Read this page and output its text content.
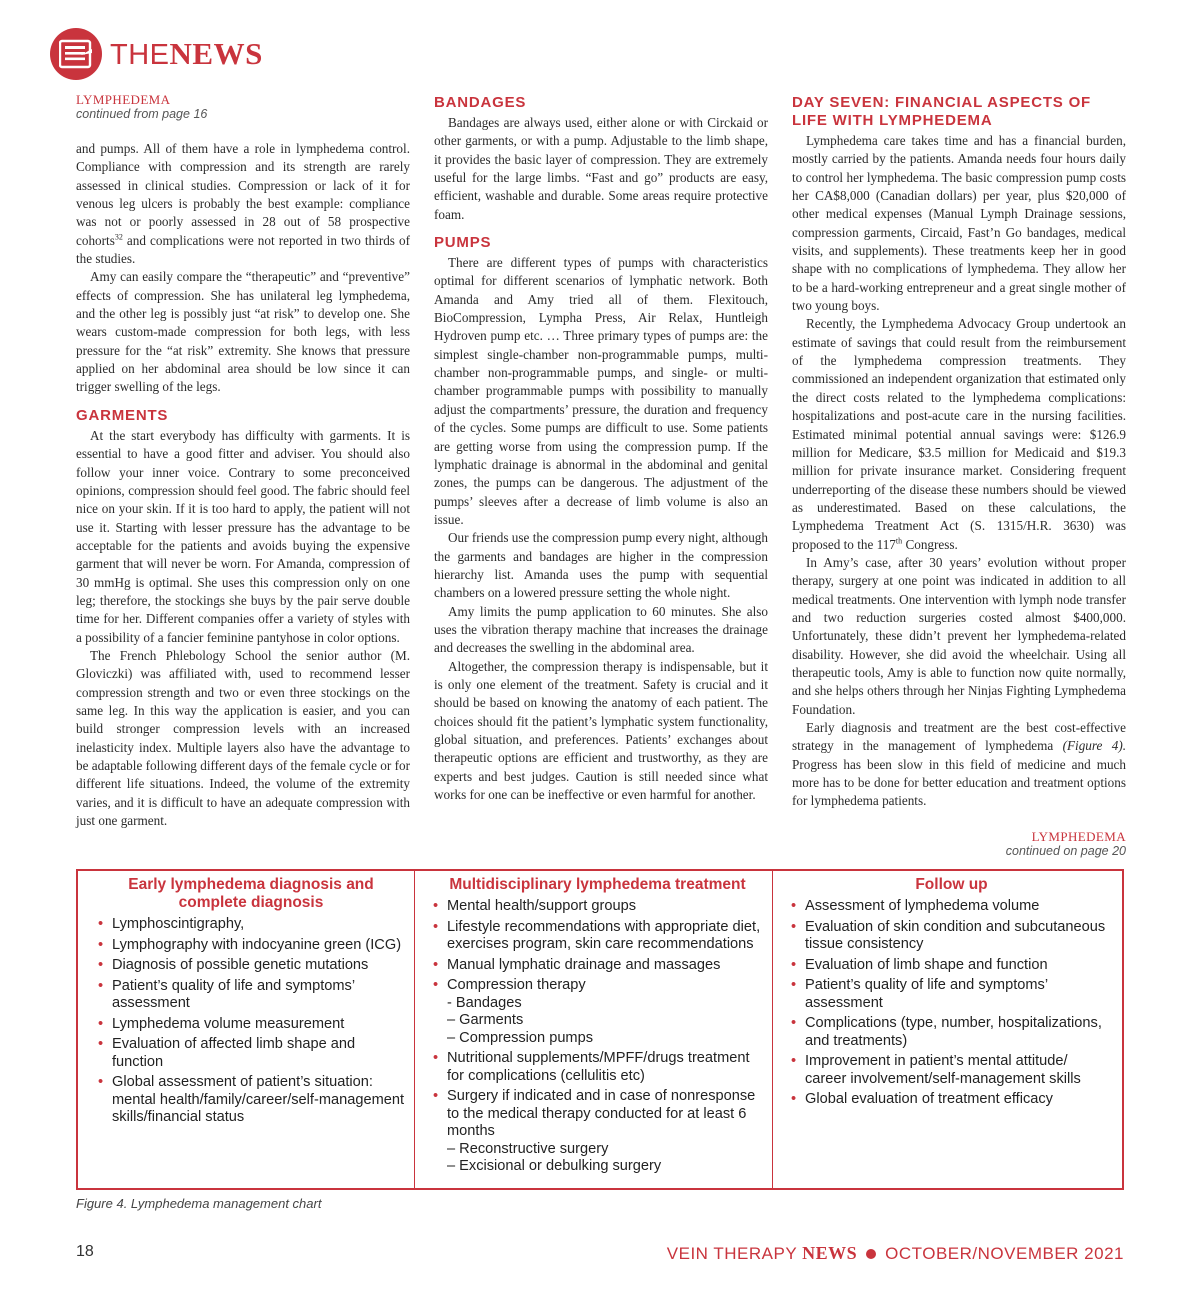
THENEWS
LYMPHEDEMA
continued from page 16

and pumps. All of them have a role in lymphedema control. Compliance with compression and its strength are rarely assessed in clinical studies. Compression or lack of it for venous leg ulcers is probably the best example: compliance was not or poorly assessed in 28 out of 58 prospective cohorts$^{32}$ and complications were not reported in two thirds of the studies.

Amy can easily compare the “therapeutic” and “preventive” effects of compression. She has unilateral leg lymphedema, and the other leg is possibly just “at risk” to develop one. She wears custom-made compression for both legs, with less pressure for the “at risk” extremity. She knows that pressure applied on her abdominal area should be low since it can trigger swelling of the legs.

GARMENTS

At the start everybody has difficulty with garments. It is essential to have a good fitter and adviser. You should also follow your inner voice. Contrary to some preconceived opinions, compression should feel good. The fabric should feel nice on your skin. If it is too hard to apply, the patient will not use it. Starting with lesser pressure has the advantage to be acceptable for the patients and avoids buying the expensive garment that will never be worn. For Amanda, compression of 30 mmHg is optimal. She uses this compression only on one leg; therefore, the stockings she buys by the pair serve double time for her. Different companies offer a variety of styles with a possibility of a fancier feminine pantyhose in color options.

The French Phlebology School the senior author (M. Gloviczki) was affiliated with, used to recommend lesser compression strength and two or even three stockings on the same leg. In this way the application is easier, and you can build stronger compression levels with an increased inelasticity index. Multiple layers also have the advantage to be adaptable following different days of the female cycle or for different life situations. Indeed, the volume of the extremity varies, and it is difficult to have an adequate compression with just one garment.

BANDAGES

Bandages are always used, either alone or with Circkaid or other garments, or with a pump. Adjustable to the limb shape, it provides the basic layer of compression. They are extremely useful for the large limbs. “Fast and go” products are easy, efficient, washable and durable. Some areas require protective foam.

PUMPS

There are different types of pumps with characteristics optimal for different scenarios of lymphatic network. Both Amanda and Amy tried all of them. Flexitouch, BioCompression, Lympha Press, Air Relax, Huntleigh Hydroven pump etc. … Three primary types of pumps are: the simplest single-chamber non-programmable pumps, multi-chamber non-programmable pumps, and single- or multi-chamber programmable pumps with possibility to manually adjust the compartments’ pressure, the duration and frequency of the cycles. Some pumps are difficult to use. Some patients are getting worse from using the compression pump. If the lymphatic drainage is abnormal in the abdominal and genital zones, the pumps can be dangerous. The adjustment of the pumps’ sleeves after a decrease of limb volume is also an issue.

Our friends use the compression pump every night, although the garments and bandages are higher in the compression hierarchy list. Amanda uses the pump with sequential chambers on a lowered pressure setting the whole night.

Amy limits the pump application to 60 minutes. She also uses the vibration therapy machine that increases the drainage and decreases the swelling in the abdominal area.

Altogether, the compression therapy is indispensable, but it is only one element of the treatment. Safety is crucial and it should be based on knowing the anatomy of each patient. The choices should fit the patient’s lymphatic system functionality, global situation, and preferences. Patients’ exchanges about therapeutic options are efficient and trustworthy, as they are experts and best judges. Caution is still needed since what works for one can be ineffective or even harmful for another.

DAY SEVEN: FINANCIAL ASPECTS OF LIFE WITH LYMPHEDEMA

Lymphedema care takes time and has a financial burden, mostly carried by the patients. Amanda needs four hours daily to control her lymphedema. The basic compression pump costs her CA$8,000 (Canadian dollars) per year, plus $20,000 of other medical expenses (Manual Lymph Drainage sessions, compression garments, Circaid, Fast’n Go bandages, medical visits, and supplements). These treatments keep her in good shape with no complications of lymphedema. They allow her to be a hard-working entrepreneur and a great single mother of two young boys.

Recently, the Lymphedema Advocacy Group undertook an estimate of savings that could result from the reimbursement of the lymphedema compression treatments. They commissioned an independent organization that estimated only the direct costs related to the lymphedema complications: hospitalizations and post-acute care in the nursing facilities. Estimated minimal potential annual savings were: $126.9 million for Medicare, $3.5 million for Medicaid and $19.3 million for private insurance market. Considering frequent underreporting of the disease these numbers should be viewed as underestimated. Based on these calculations, the Lymphedema Treatment Act (S. 1315/H.R. 3630) was proposed to the 117th Congress.

In Amy’s case, after 30 years’ evolution without proper therapy, surgery at one point was indicated in addition to all medical treatments. One intervention with lymph node transfer and two reduction surgeries costed almost $400,000. Unfortunately, these didn’t prevent her lymphedema-related disability. However, she did avoid the wheelchair. Using all therapeutic tools, Amy is able to function now quite normally, and she helps others through her Ninjas Fighting Lymphedema Foundation.

Early diagnosis and treatment are the best cost-effective strategy in the management of lymphedema (Figure 4). Progress has been slow in this field of medicine and much more has to be done for better education and treatment options for lymphedema patients.

LYMPHEDEMA
continued on page 20
Early lymphedema diagnosis and complete diagnosis
• Lymphoscintigraphy,
• Lymphography with indocyanine green (ICG)
• Diagnosis of possible genetic mutations
• Patient’s quality of life and symptoms’ assessment
• Lymphedema volume measurement
• Evaluation of affected limb shape and function
• Global assessment of patient’s situation: mental health/family/career/self-management skills/financial status
Multidisciplinary lymphedema treatment
• Mental health/support groups
• Lifestyle recommendations with appropriate diet, exercises program, skin care recommendations
• Manual lymphatic drainage and massages
• Compression therapy
- Bandages
– Garments
– Compression pumps
• Nutritional supplements/MPFF/drugs treatment for complications (cellulitis etc)
• Surgery if indicated and in case of nonresponse to the medical therapy conducted for at least 6 months
– Reconstructive surgery
– Excisional or debulking surgery
Follow up
• Assessment of lymphedema volume
• Evaluation of skin condition and subcutaneous tissue consistency
• Evaluation of limb shape and function
• Patient’s quality of life and symptoms’ assessment
• Complications (type, number, hospitalizations, and treatments)
• Improvement in patient’s mental attitude/ career involvement/self-management skills
• Global evaluation of treatment efficacy
Figure 4. Lymphedema management chart
18	VEIN THERAPY NEWS OCTOBER/NOVEMBER 2021
